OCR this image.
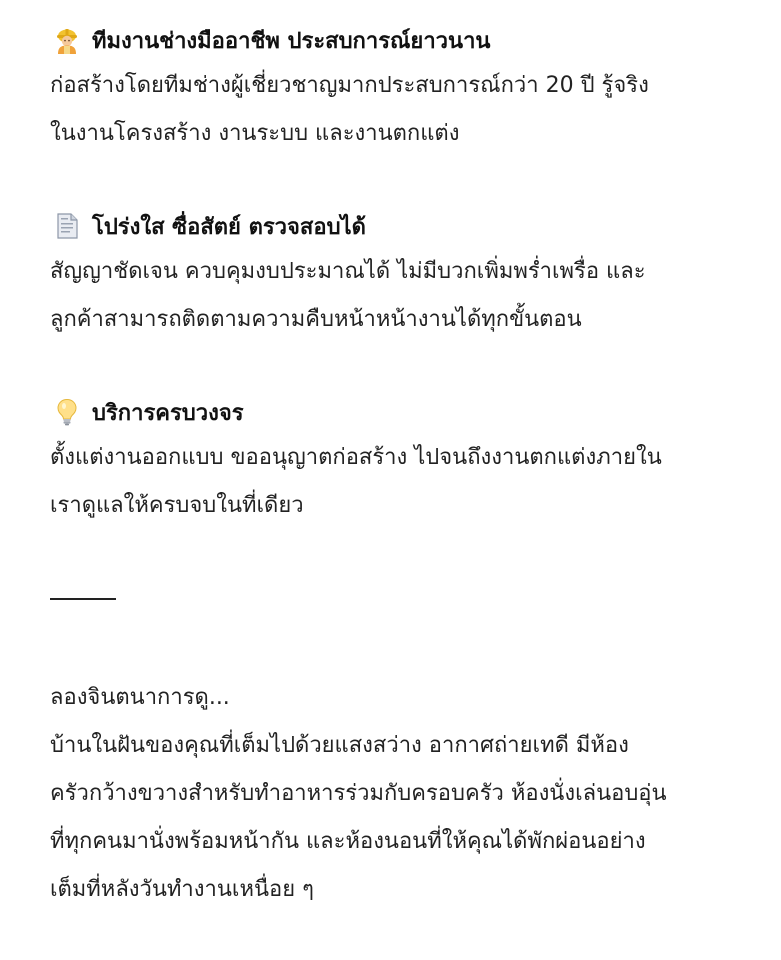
ทีมงานช่างมืออาชีพ ประสบการณ์ยาวนาน

ก่อสร้างโดยทีมช่างผู้เชี่ยวชาญมากประสบการณ์กว่า 20 ปี รู้จริง
ในงานโครงสร้าง งานระบบ และงานตกแต่ง

โปร่งใส ซื่อสัตย์ ตรวจสอบได้

สัญญาชัดเจน ควบคุมงบประมาณได้ ไม่มีบวกเพิ่มพร่ำเพรื่อ และ
ลูกค้าสามารถติดตามความคืบหน้าหน้างานได้ทุกขั้นตอน

บริการครบวงจร

ตั้งแต่งานออกแบบ ขออนุญาตก่อสร้าง ไปจนถึงงานตกแต่งภายใน
เราดูแลให้ครบจบในที่เดียว

ลองจินตนาการดู...

บ้านในฝันของคุณที่เต็มไปด้วยแสงสว่าง อากาศถ่ายเทดี มีห้อง
ครัวกว้างขวางสำหรับทำอาหารร่วมกับครอบครัว ห้องนั่งเล่นอบอุ่น
ที่ทุกคนมานั่งพร้อมหน้ากัน และห้องนอนที่ให้คุณได้พักผ่อนอย่าง
เต็มที่หลังวันทำงานเหนื่อย ๆ
